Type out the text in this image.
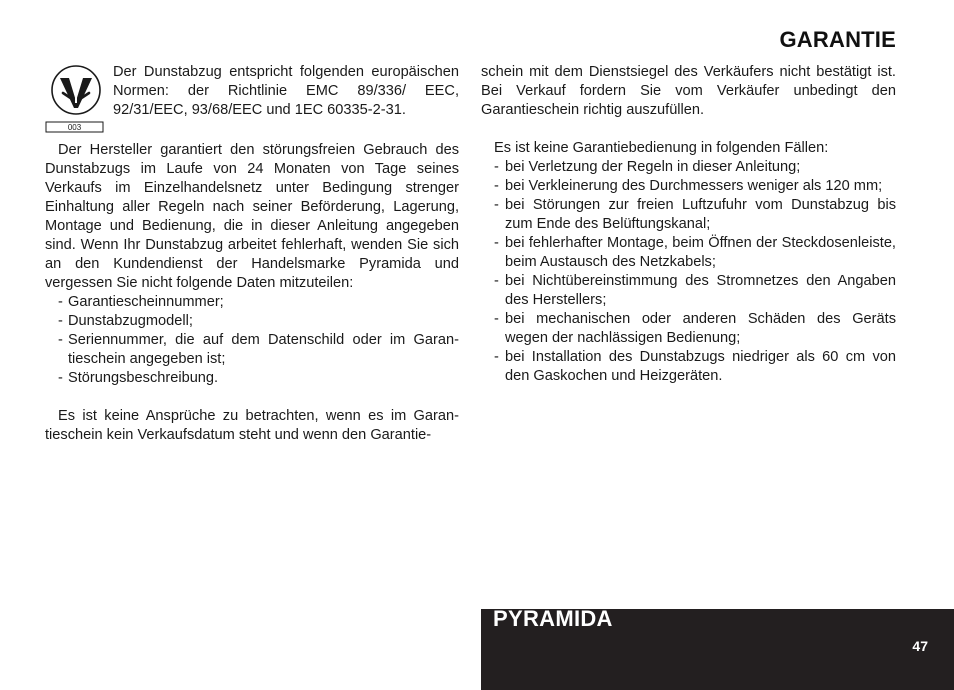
GARANTIE
003

Der Dunstabzug entspricht folgenden europäischen Normen: der Richtlinie EMC 89/336/ EEC, 92/31/EEC, 93/68/EEC und 1EC 60335-2-31.

Der Hersteller garantiert den störungsfreien Gebrauch des Dunstabzugs im Laufe von 24 Monaten von Tage seines Verkaufs im Einzelhandelsnetz unter Bedingung strenger Einhaltung aller Regeln nach seiner Beförderung, Lagerung, Montage und Bedienung, die in dieser Anleitung angegeben sind. Wenn Ihr Dunstabzug arbeitet fehlerhaft, wenden Sie sich an den Kundendienst der Handelsmarke Pyramida und vergessen Sie nicht folgende Daten mitzuteilen:

- Garantiescheinnummer;
- Dunstabzugmodell;
- Seriennummer, die auf dem Datenschild oder im Garantieschein angegeben ist;
- Störungsbeschreibung.

Es ist keine Ansprüche zu betrachten, wenn es im Garantieschein kein Verkaufsdatum steht und wenn den Garantie-

schein mit dem Dienstsiegel des Verkäufers nicht bestätigt ist. Bei Verkauf fordern Sie vom Verkäufer unbedingt den Garantieschein richtig auszufüllen.

Es ist keine Garantiebedienung in folgenden Fällen:

- bei Verletzung der Regeln in dieser Anleitung;
- bei Verkleinerung des Durchmessers weniger als 120 mm;
- bei Störungen zur freien Luftzufuhr vom Dunstabzug bis zum Ende des Belüftungskanal;
- bei fehlerhafter Montage, beim Öffnen der Steckdosenleiste, beim Austausch des Netzkabels;
- bei Nichtübereinstimmung des Stromnetzes den Angaben des Herstellers;
- bei mechanischen oder anderen Schäden des Geräts wegen der nachlässigen Bedienung;
- bei Installation des Dunstabzugs niedriger als 60 cm von den Gaskochen und Heizgeräten.
PYRAMIDA
47
